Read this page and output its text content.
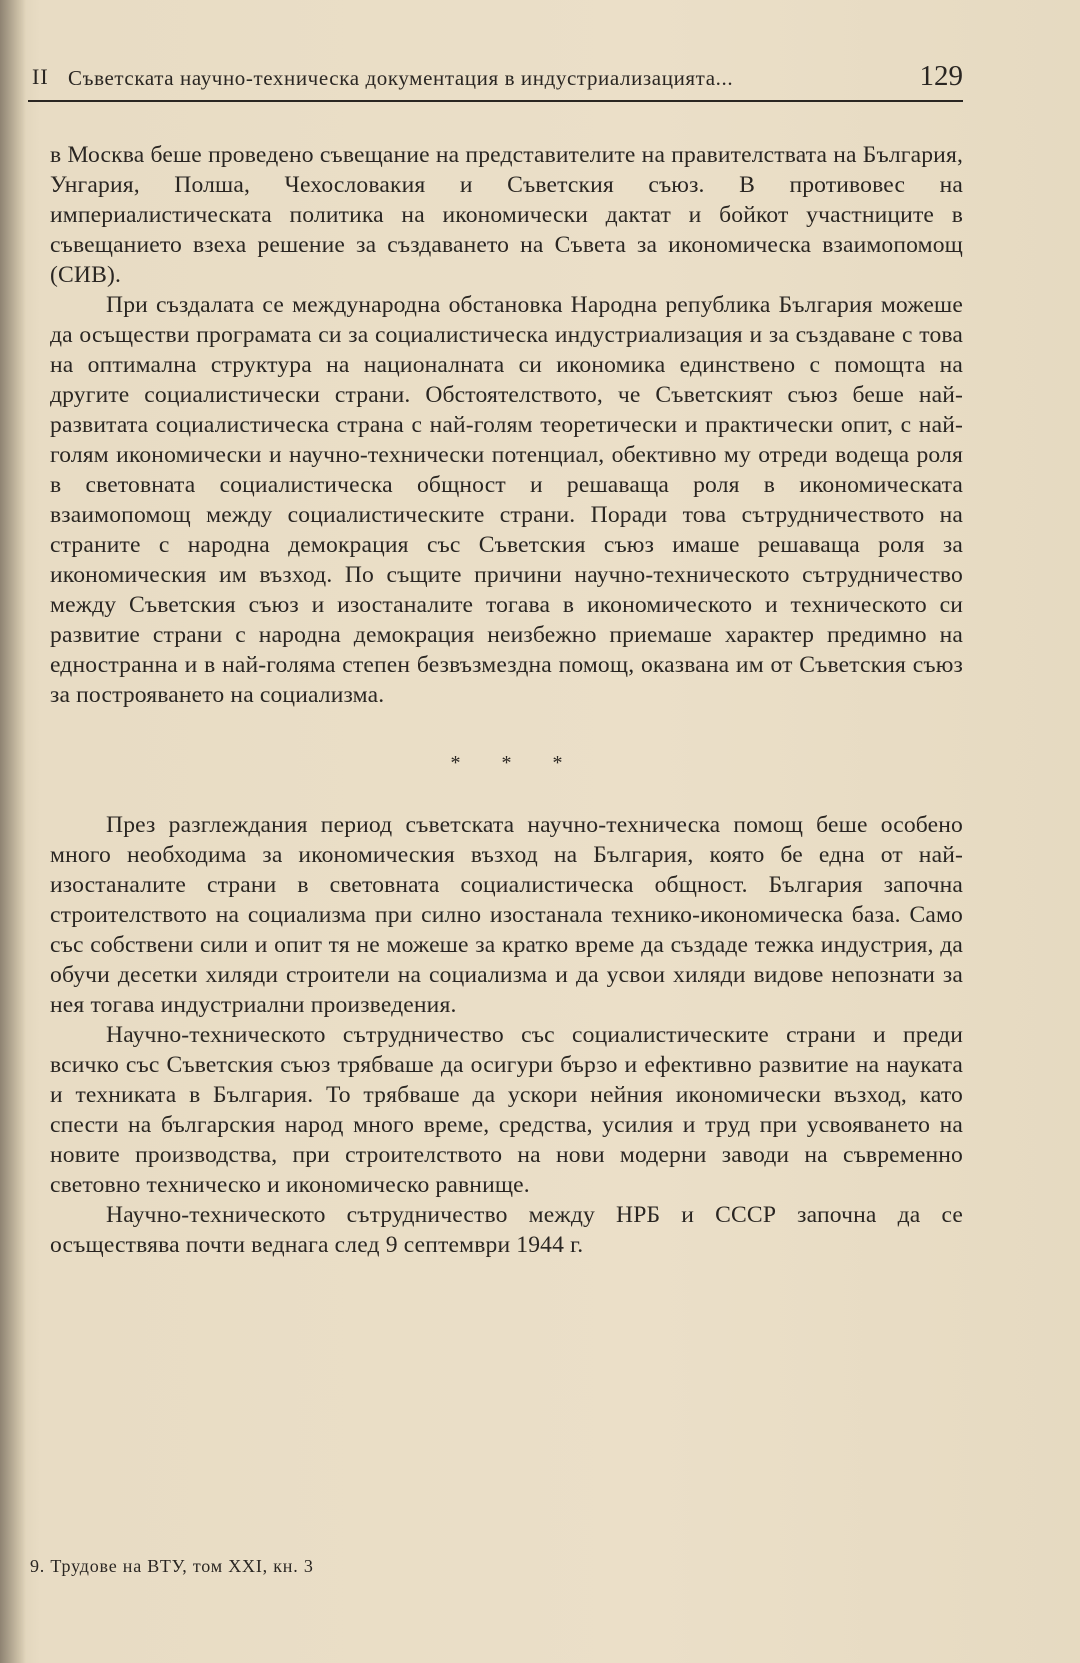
II Съветската научно-техническа документация в индустриализацията...	129

в Москва беше проведено съвещание на представителите на правителствата на България, Унгария, Полша, Чехословакия и Съветския съюз. В противовес на империалистическата политика на икономически дактат и бойкот участниците в съвещанието взеха решение за създаването на Съвета за икономическа взаимопомощ (СИВ).

При създалата се международна обстановка Народна република България можеше да осъществи програмата си за социалистическа индустриализация и за създаване с това на оптимална структура на националната си икономика единствено с помощта на другите социалистически страни. Обстоятелството, че Съветският съюз беше най-развитата социалистическа страна с най-голям теоретически и практически опит, с най-голям икономически и научно-технически потенциал, обективно му отреди водеща роля в световната социалистическа общност и решаваща роля в икономическата взаимопомощ между социалистическите страни. Поради това сътрудничеството на страните с народна демокрация със Съветския съюз имаше решаваща роля за икономическия им възход. По същите причини научно-техническото сътрудничество между Съветския съюз и изостаналите тогава в икономическото и техническото си развитие страни с народна демокрация неизбежно приемаше характер предимно на едностранна и в най-голяма степен безвъзмездна помощ, оказвана им от Съветския съюз за построяването на социализма.

* * *

През разглеждания период съветската научно-техническа помощ беше особено много необходима за икономическия възход на България, която бе една от най-изостаналите страни в световната социалистическа общност. България започна строителството на социализма при силно изостанала технико-икономическа база. Само със собствени сили и опит тя не можеше за кратко време да създаде тежка индустрия, да обучи десетки хиляди строители на социализма и да усвои хиляди видове непознати за нея тогава индустриални произведения.

Научно-техническото сътрудничество със социалистическите страни и преди всичко със Съветския съюз трябваше да осигури бързо и ефективно развитие на науката и техниката в България. То трябваше да ускори нейния икономически възход, като спести на българския народ много време, средства, усилия и труд при усвояването на новите производства, при строителството на нови модерни заводи на съвременно световно техническо и икономическо равнище.

Научно-техническото сътрудничество между НРБ и СССР започна да се осъществява почти веднага след 9 септември 1944 г.

9. Трудове на ВТУ, том XXI, кн. 3
